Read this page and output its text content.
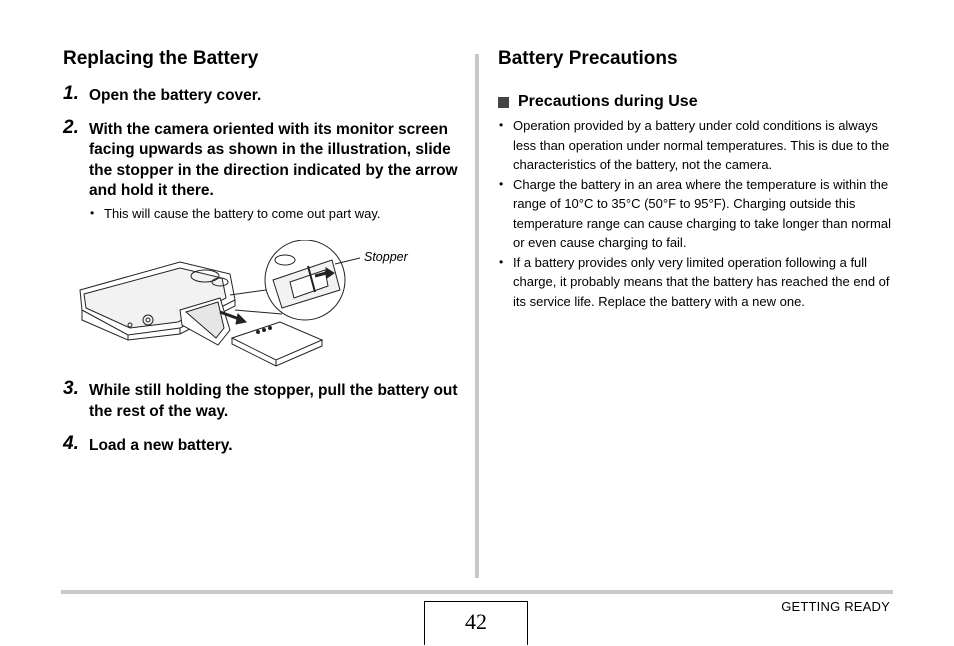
Replacing the Battery
1. Open the battery cover.
2. With the camera oriented with its monitor screen facing upwards as shown in the illustration, slide the stopper in the direction indicated by the arrow and hold it there.
• This will cause the battery to come out part way.
Stopper
3. While still holding the stopper, pull the battery out the rest of the way.
4. Load a new battery.
Battery Precautions
Precautions during Use
• Operation provided by a battery under cold conditions is always less than operation under normal temperatures. This is due to the characteristics of the battery, not the camera.
• Charge the battery in an area where the temperature is within the range of 10°C to 35°C (50°F to 95°F). Charging outside this temperature range can cause charging to take longer than normal or even cause charging to fail.
• If a battery provides only very limited operation following a full charge, it probably means that the battery has reached the end of its service life. Replace the battery with a new one.
42
GETTING READY
